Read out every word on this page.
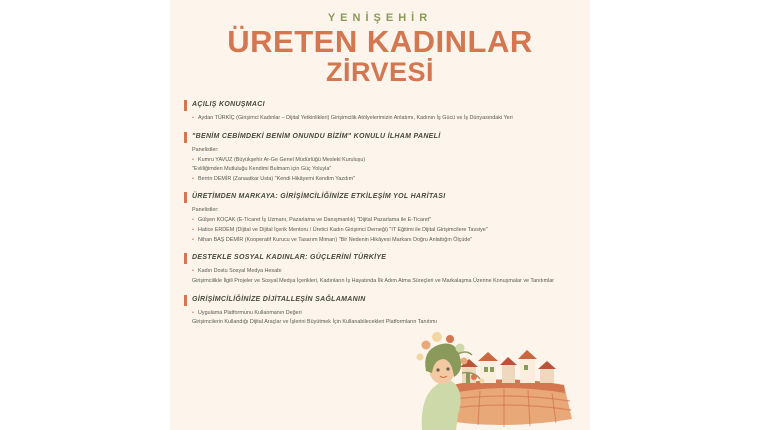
YENİŞEHİR
ÜRETEN KADINLAR
ZİRVESİ
AÇILIŞ KONUŞMACI
• Aydan TÜRKİÇ (Girişimci Kadınlar – Dijital Yetkinlikleri) Girişimcilik Atölyelerimizin Anlatımı, Kadının İş Gücü ve İş Dünyasındaki Yeri
"BENİM CEBİMDEKİ BENİM ONUNDU BİZİM" KONULU İLHAM PANELİ
Panelistler:
• Kumru YAVUZ (Büyükşehir Ar-Ge Genel Müdürlüğü Mesleki Kuruluşu)
"Evliliğimden Mutluluğu Kendimi Bulmam için Güç Yoluyla"
• Berrin DEMİR (Zanaatkar Usta) "Kendi Hikâyemi Kendim Yazdım"
ÜRETİMDEN MARKAYA: GİRİŞİMCİLİĞİNİZE ETKİLEŞİM YOL HARİTASI
Panelistler:
• Gülşen KOÇAK (E-Ticaret İş Uzmanı, Pazarlama ve Danışmanlık) "Dijital Pazarlama ile E-Ticaret"
• Hatice ERDEM (Dijital ve Dijital İçerik Mentoru / Üretici Kadın Girişimci Derneği) "IT Eğitimi ile Dijital Girişimcilere Tavsiye"
• Nihan BAŞ DEMİR (Kooperatif Kurucu ve Tasarım Mimarı) "Bir Nedenin Hikâyesi Markanı Doğru Anlattığın Ölçüde"
DESTEKLE SOSYAL KADINLAR: GÜÇLERİNİ TÜRKİYE
• Kadın Dostu Sosyal Medya Hesabı
Girişimcilikle İlgili Projeler ve Sosyal Medya İçerikleri, Kadınların İş Hayatında İlk Adım Atma Süreçleri ve Markalaşma Üzerine Konuşmalar ve Tanıtımlar
GİRİŞİMCİLİĞİNİZE DİJİTALLEŞİN SAĞLAMANIN
• Uygulama Platformunu Kullanmanın Değeri
Girişimcilerin Kullandığı Dijital Araçlar ve İşlerini Büyütmek İçin Kullanabilecekleri Platformların Tanıtımı
